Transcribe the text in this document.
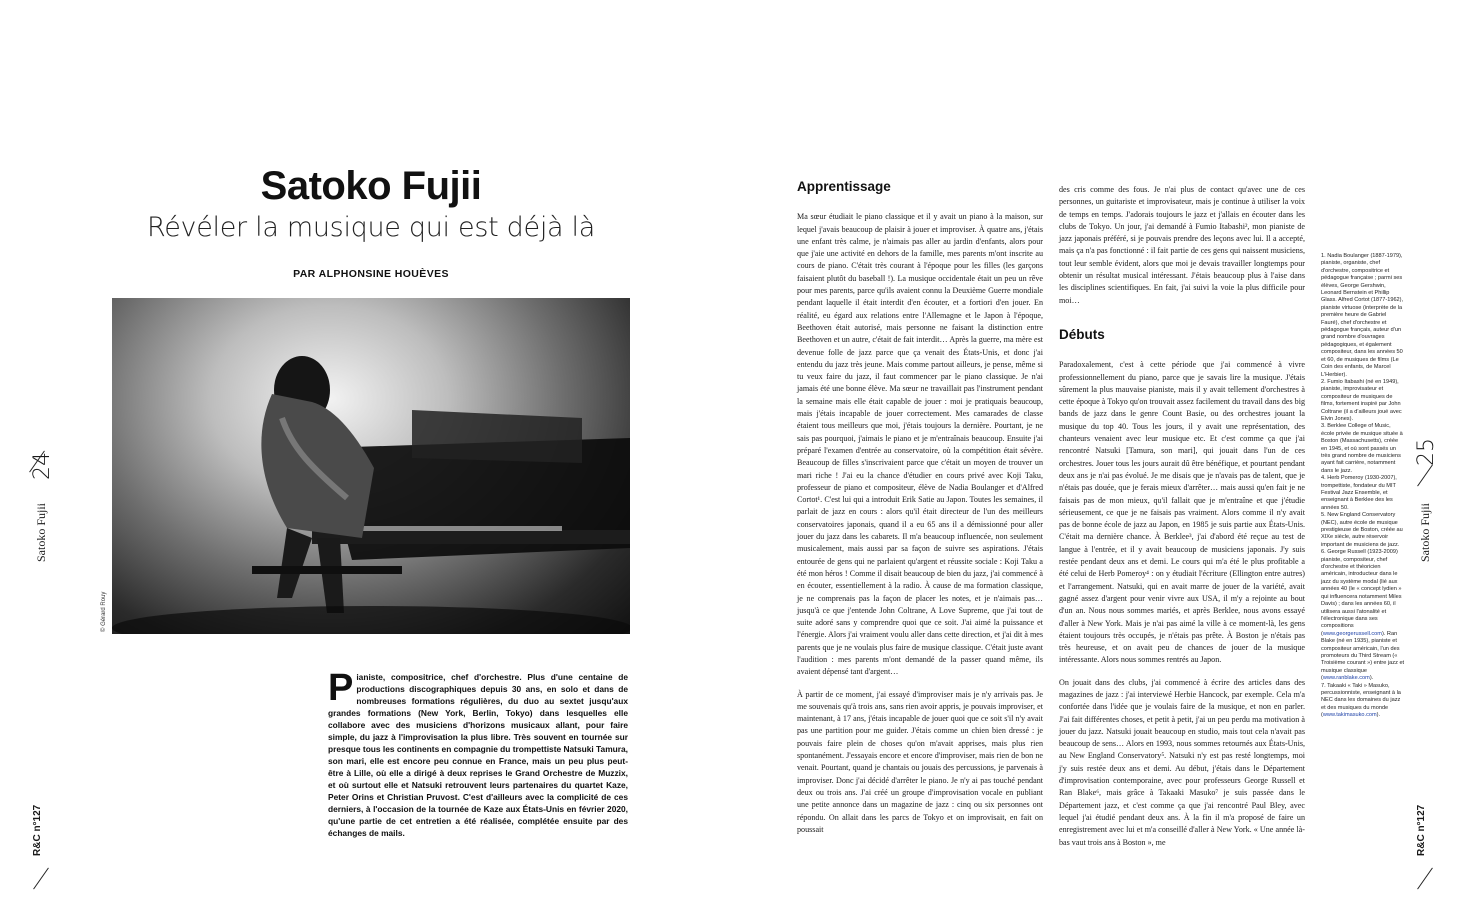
Satoko Fujii
Révéler la musique qui est déjà là
PAR ALPHONSINE HOUÈVES
© Gérard Rouy
P ianiste, compositrice, chef d'orchestre. Plus d'une centaine de productions discographiques depuis 30 ans, en solo et dans de nombreuses formations régulières, du duo au sextet jusqu'aux grandes formations (New York, Berlin, Tokyo) dans lesquelles elle collabore avec des musiciens d'horizons musicaux allant, pour faire simple, du jazz à l'improvisation la plus libre. Très souvent en tournée sur presque tous les continents en compagnie du trompettiste Natsuki Tamura, son mari, elle est encore peu connue en France, mais un peu plus peut-être à Lille, où elle a dirigé à deux reprises le Grand Orchestre de Muzzix, et où surtout elle et Natsuki retrouvent leurs partenaires du quartet Kaze, Peter Orins et Christian Pruvost. C'est d'ailleurs avec la complicité de ces derniers, à l'occasion de la tournée de Kaze aux États-Unis en février 2020, qu'une partie de cet entretien a été réalisée, complétée ensuite par des échanges de mails.
24
Satoko Fujii
R&C n°127
Apprentissage

Ma sœur étudiait le piano classique et il y avait un piano à la maison, sur lequel j'avais beaucoup de plaisir à jouer et improviser. À quatre ans, j'étais une enfant très calme, je n'aimais pas aller au jardin d'enfants, alors pour que j'aie une activité en dehors de la famille, mes parents m'ont inscrite au cours de piano. C'était très courant à l'époque pour les filles (les garçons faisaient plutôt du baseball !). La musique occidentale était un peu un rêve pour mes parents, parce qu'ils avaient connu la Deuxième Guerre mondiale pendant laquelle il était interdit d'en écouter, et a fortiori d'en jouer. En réalité, eu égard aux relations entre l'Allemagne et le Japon à l'époque, Beethoven était autorisé, mais personne ne faisant la distinction entre Beethoven et un autre, c'était de fait interdit… Après la guerre, ma mère est devenue folle de jazz parce que ça venait des États-Unis, et donc j'ai entendu du jazz très jeune. Mais comme partout ailleurs, je pense, même si tu veux faire du jazz, il faut commencer par le piano classique. Je n'ai jamais été une bonne élève. Ma sœur ne travaillait pas l'instrument pendant la semaine mais elle était capable de jouer : moi je pratiquais beaucoup, mais j'étais incapable de jouer correctement. Mes camarades de classe étaient tous meilleurs que moi, j'étais toujours la dernière. Pourtant, je ne sais pas pourquoi, j'aimais le piano et je m'entraînais beaucoup. Ensuite j'ai préparé l'examen d'entrée au conservatoire, où la compétition était sévère. Beaucoup de filles s'inscrivaient parce que c'était un moyen de trouver un mari riche ! J'ai eu la chance d'étudier en cours privé avec Koji Taku, professeur de piano et compositeur, élève de Nadia Boulanger et d'Alfred Cortot¹. C'est lui qui a introduit Erik Satie au Japon. Toutes les semaines, il parlait de jazz en cours : alors qu'il était directeur de l'un des meilleurs conservatoires japonais, quand il a eu 65 ans il a démissionné pour aller jouer du jazz dans les cabarets. Il m'a beaucoup influencée, non seulement musicalement, mais aussi par sa façon de suivre ses aspirations. J'étais entourée de gens qui ne parlaient qu'argent et réussite sociale : Koji Taku a été mon héros ! Comme il disait beaucoup de bien du jazz, j'ai commencé à en écouter, essentiellement à la radio. À cause de ma formation classique, je ne comprenais pas la façon de placer les notes, et je n'aimais pas… jusqu'à ce que j'entende John Coltrane, A Love Supreme, que j'ai tout de suite adoré sans y comprendre quoi que ce soit. J'ai aimé la puissance et l'énergie. Alors j'ai vraiment voulu aller dans cette direction, et j'ai dit à mes parents que je ne voulais plus faire de musique classique. C'était juste avant l'audition : mes parents m'ont demandé de la passer quand même, ils avaient dépensé tant d'argent…

À partir de ce moment, j'ai essayé d'improviser mais je n'y arrivais pas. Je me souvenais qu'à trois ans, sans rien avoir appris, je pouvais improviser, et maintenant, à 17 ans, j'étais incapable de jouer quoi que ce soit s'il n'y avait pas une partition pour me guider. J'étais comme un chien bien dressé : je pouvais faire plein de choses qu'on m'avait apprises, mais plus rien spontanément. J'essayais encore et encore d'improviser, mais rien de bon ne venait. Pourtant, quand je chantais ou jouais des percussions, je parvenais à improviser. Donc j'ai décidé d'arrêter le piano. Je n'y ai pas touché pendant deux ou trois ans. J'ai créé un groupe d'improvisation vocale en publiant une petite annonce dans un magazine de jazz : cinq ou six personnes ont répondu. On allait dans les parcs de Tokyo et on improvisait, en fait on poussait

des cris comme des fous. Je n'ai plus de contact qu'avec une de ces personnes, un guitariste et improvisateur, mais je continue à utiliser la voix de temps en temps. J'adorais toujours le jazz et j'allais en écouter dans les clubs de Tokyo. Un jour, j'ai demandé à Fumio Itabashi², mon pianiste de jazz japonais préféré, si je pouvais prendre des leçons avec lui. Il a accepté, mais ça n'a pas fonctionné : il fait partie de ces gens qui naissent musiciens, tout leur semble évident, alors que moi je devais travailler longtemps pour obtenir un résultat musical intéressant. J'étais beaucoup plus à l'aise dans les disciplines scientifiques. En fait, j'ai suivi la voie la plus difficile pour moi…

Débuts

Paradoxalement, c'est à cette période que j'ai commencé à vivre professionnellement du piano, parce que je savais lire la musique. J'étais sûrement la plus mauvaise pianiste, mais il y avait tellement d'orchestres à cette époque à Tokyo qu'on trouvait assez facilement du travail dans des big bands de jazz dans le genre Count Basie, ou des orchestres jouant la musique du top 40. Tous les jours, il y avait une représentation, des chanteurs venaient avec leur musique etc. Et c'est comme ça que j'ai rencontré Natsuki [Tamura, son mari], qui jouait dans l'un de ces orchestres. Jouer tous les jours aurait dû être bénéfique, et pourtant pendant deux ans je n'ai pas évolué. Je me disais que je n'avais pas de talent, que je n'étais pas douée, que je ferais mieux d'arrêter… mais aussi qu'en fait je ne faisais pas de mon mieux, qu'il fallait que je m'entraîne et que j'étudie sérieusement, ce que je ne faisais pas vraiment. Alors comme il n'y avait pas de bonne école de jazz au Japon, en 1985 je suis partie aux États-Unis. C'était ma dernière chance. À Berklee³, j'ai d'abord été reçue au test de langue à l'entrée, et il y avait beaucoup de musiciens japonais. J'y suis restée pendant deux ans et demi. Le cours qui m'a été le plus profitable a été celui de Herb Pomeroy⁴ : on y étudiait l'écriture (Ellington entre autres) et l'arrangement. Natsuki, qui en avait marre de jouer de la variété, avait gagné assez d'argent pour venir vivre aux USA, il m'y a rejointe au bout d'un an. Nous nous sommes mariés, et après Berklee, nous avons essayé d'aller à New York. Mais je n'ai pas aimé la ville à ce moment-là, les gens étaient toujours très occupés, je n'étais pas prête. À Boston je n'étais pas très heureuse, et on avait peu de chances de jouer de la musique intéressante. Alors nous sommes rentrés au Japon.

On jouait dans des clubs, j'ai commencé à écrire des articles dans des magazines de jazz : j'ai interviewé Herbie Hancock, par exemple. Cela m'a confortée dans l'idée que je voulais faire de la musique, et non en parler. J'ai fait différentes choses, et petit à petit, j'ai un peu perdu ma motivation à jouer du jazz. Natsuki jouait beaucoup en studio, mais tout cela n'avait pas beaucoup de sens… Alors en 1993, nous sommes retournés aux États-Unis, au New England Conservatory⁵. Natsuki n'y est pas resté longtemps, moi j'y suis restée deux ans et demi. Au début, j'étais dans le Département d'improvisation contemporaine, avec pour professeurs George Russell et Ran Blake⁶, mais grâce à Takaaki Masuko⁷ je suis passée dans le Département jazz, et c'est comme ça que j'ai rencontré Paul Bley, avec lequel j'ai étudié pendant deux ans. À la fin il m'a proposé de faire un enregistrement avec lui et m'a conseillé d'aller à New York. « Une année là-bas vaut trois ans à Boston », me

1. Nadia Boulanger (1887-1979), pianiste, organiste, chef d'orchestre, compositrice et pédagogue française ; parmi ses élèves, George Gershwin, Leonard Bernstein et Phillip Glass. Alfred Cortot (1877-1962), pianiste virtuose (interprète de la première heure de Gabriel Fauré), chef d'orchestre et pédagogue français, auteur d'un grand nombre d'ouvrages pédagogiques, et également compositeur, dans les années 50 et 60, de musiques de films (Le Coin des enfants, de Marcel L'Herbier).

2. Fumio Itabashi (né en 1949), pianiste, improvisateur et compositeur de musiques de films, fortement inspiré par John Coltrane (il a d'ailleurs joué avec Elvin Jones).

3. Berklee College of Music, école privée de musique située à Boston (Massachusetts), créée en 1945, et où sont passés un très grand nombre de musiciens ayant fait carrière, notamment dans le jazz.

4. Herb Pomeroy (1930-2007), trompettiste, fondateur du MIT Festival Jazz Ensemble, et enseignant à Berklee des les années 50.

5. New England Conservatory (NEC), autre école de musique prestigieuse de Boston, créée au XIXe siècle, autre réservoir important de musiciens de jazz.

6. George Russell (1923-2009) pianiste, compositeur, chef d'orchestre et théoricien américain, introducteur dans le jazz du système modal (lié aux années 40 (le « concept lydien » qui influencera notamment Miles Davis) ; dans les années 60, il utilisera aussi l'atonalité et l'électronique dans ses compositions (www.georgerussell.com). Ran Blake (né en 1935), pianiste et compositeur américain, l'un des promoteurs du Third Stream (« Troisième courant ») entre jazz et musique classique (www.ranblake.com).

7. Takaaki « Taki » Masuko, percussionniste, enseignant à la NEC dans les domaines du jazz et des musiques du monde (www.takimasuko.com).

25
Satoko Fujii
R&C n°127
